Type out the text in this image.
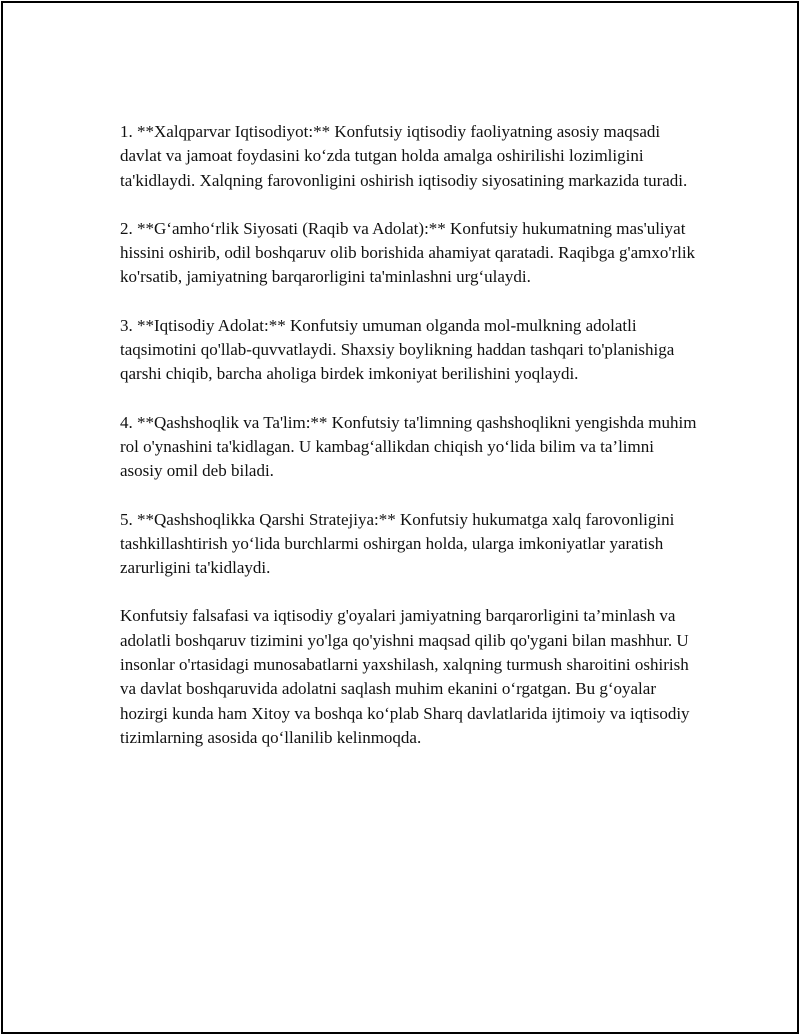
1. **Xalqparvar Iqtisodiyot:** Konfutsiy iqtisodiy faoliyatning asosiy maqsadi davlat va jamoat foydasini ko‘zda tutgan holda amalga oshirilishi lozimligini ta'kidlaydi. Xalqning farovonligini oshirish iqtisodiy siyosatining markazida turadi.

2. **G‘amho‘rlik Siyosati (Raqib va Adolat):** Konfutsiy hukumatning mas'uliyat hissini oshirib, odil boshqaruv olib borishida ahamiyat qaratadi. Raqibga g'amxo'rlik ko'rsatib, jamiyatning barqarorligini ta'minlashni urg‘ulaydi.

3. **Iqtisodiy Adolat:** Konfutsiy umuman olganda mol-mulkning adolatli taqsimotini qo'llab-quvvatlaydi. Shaxsiy boylikning haddan tashqari to'planishiga qarshi chiqib, barcha aholiga birdek imkoniyat berilishini yoqlaydi.

4. **Qashshoqlik va Ta'lim:** Konfutsiy ta'limning qashshoqlikni yengishda muhim rol o'ynashini ta'kidlagan. U kambag‘allikdan chiqish yo‘lida bilim va ta’limni asosiy omil deb biladi.

5. **Qashshoqlikka Qarshi Stratejiya:** Konfutsiy hukumatga xalq farovonligini tashkillashtirish yo‘lida burchlarmi oshirgan holda, ularga imkoniyatlar yaratish zarurligini ta'kidlaydi.

Konfutsiy falsafasi va iqtisodiy g'oyalari jamiyatning barqarorligini ta’minlash va adolatli boshqaruv tizimini yo'lga qo'yishni maqsad qilib qo'ygani bilan mashhur. U insonlar o'rtasidagi munosabatlarni yaxshilash, xalqning turmush sharoitini oshirish va davlat boshqaruvida adolatni saqlash muhim ekanini o‘rgatgan. Bu g‘oyalar hozirgi kunda ham Xitoy va boshqa ko‘plab Sharq davlatlarida ijtimoiy va iqtisodiy tizimlarning asosida qo‘llanilib kelinmoqda.
